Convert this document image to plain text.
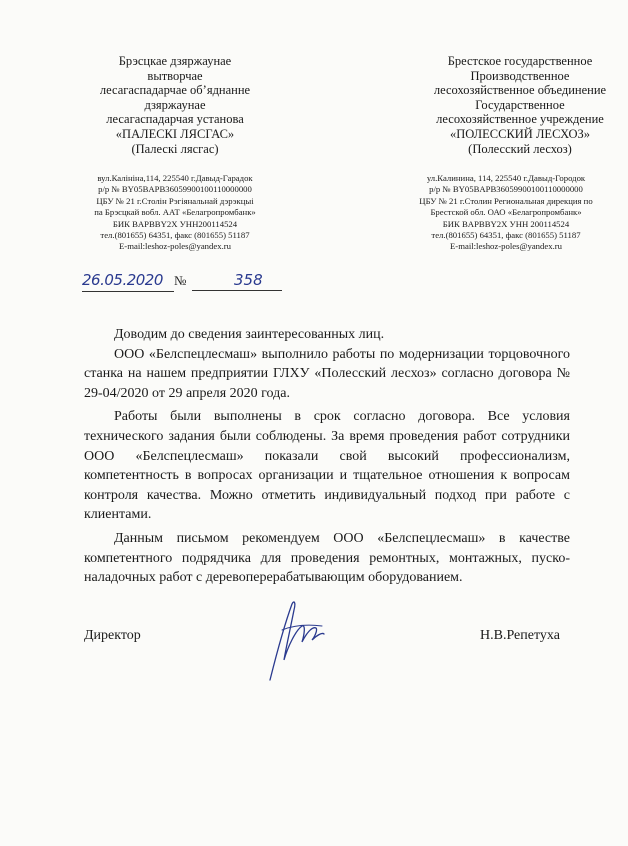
Брэсцкае дзяржаунае
вытворчае
лесагаспадарчае об’яднанне
дзяржаунае
лесагаспадарчая установа
«ПАЛЕСКІ ЛЯСГАС»
(Палескі лясгас)
Брестское государственное
Производственное
лесохозяйственное объединение
Государственное
лесохозяйственное учреждение
«ПОЛЕССКИЙ ЛЕСХОЗ»
(Полесский лесхоз)
вул.Калініна,114, 225540 г.Давыд-Гарадок
р/р № BY05BAPB36059900100110000000
ЦБУ № 21 г.Столін Рэгіянальнай дэрэкцыі
па Брэсцкай вобл. ААТ «Белагропромбанк»
БИК BAPBBY2X УНН200114524
тел.(801655) 64351, факс (801655) 51187
E-mail:leshoz-poles@yandex.ru
ул.Калинина, 114, 225540 г.Давыд-Городок
р/р № BY05BAPB36059900100110000000
ЦБУ № 21 г.Столин Региональная дирекция по
Брестской обл. ОАО «Белагропромбанк»
БИК BAPBBY2X УНН 200114524
тел.(801655) 64351, факс (801655) 51187
E-mail:leshoz-poles@yandex.ru
26.05.2020 №	358

Доводим до сведения заинтересованных лиц.

ООО «Белспецлесмаш» выполнило работы по модернизации торцовочного станка на нашем предприятии ГЛХУ «Полесский лесхоз» согласно договора № 29-04/2020 от 29 апреля 2020 года.

Работы были выполнены в срок согласно договора. Все условия технического задания были соблюдены. За время проведения работ сотрудники ООО «Белспецлесмаш» показали свой высокий профессионализм, компетентность в вопросах организации и тщательное отношения к вопросам контроля качества. Можно отметить индивидуальный подход при работе с клиентами.

Данным письмом рекомендуем ООО «Белспецлесмаш» в качестве компетентного подрядчика для проведения ремонтных, монтажных, пуско-наладочных работ с деревоперерабатывающим оборудованием.

Директор	Н.В.Репетуха
